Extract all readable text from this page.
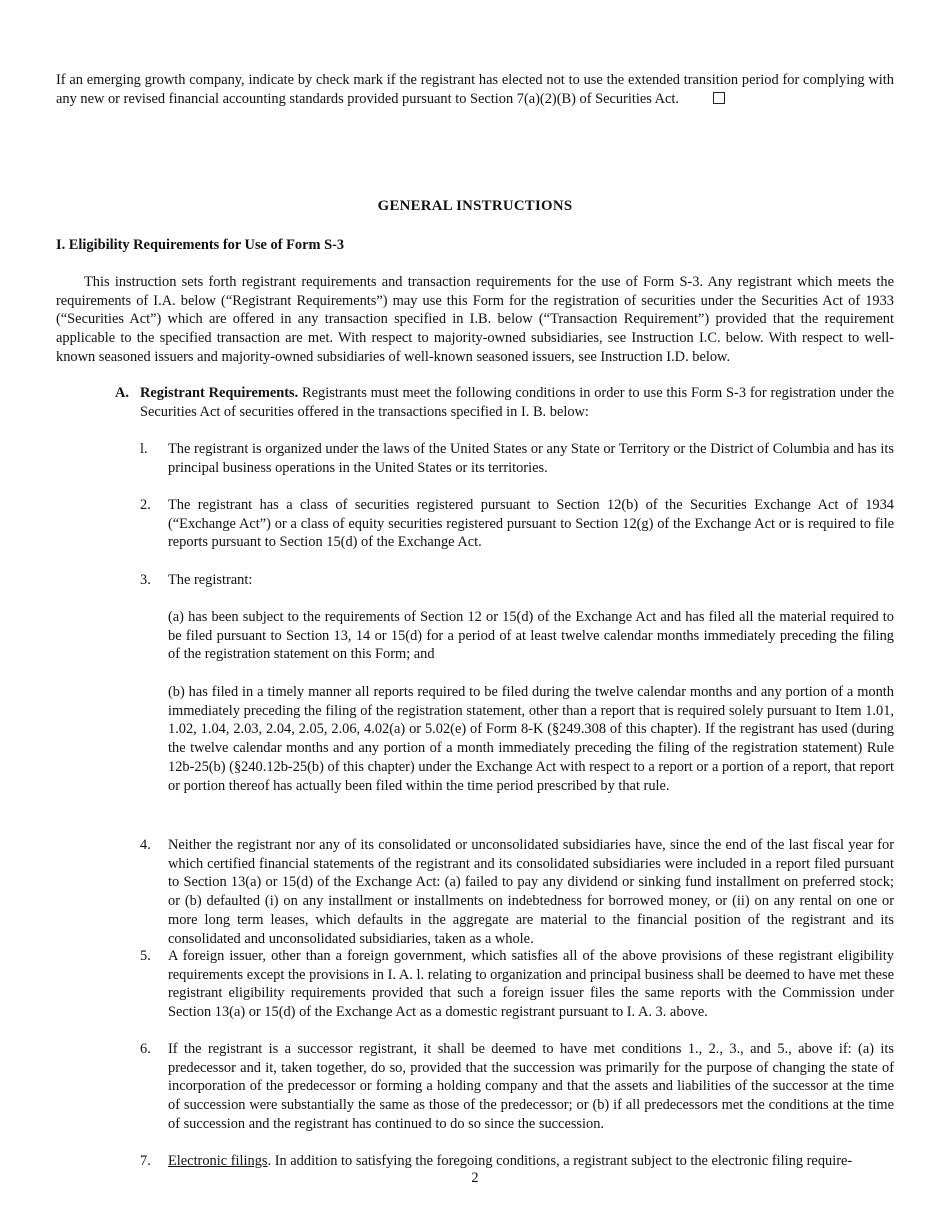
If an emerging growth company, indicate by check mark if the registrant has elected not to use the extended transition period for complying with any new or revised financial accounting standards provided pursuant to Section 7(a)(2)(B) of Securities Act.
GENERAL INSTRUCTIONS
I. Eligibility Requirements for Use of Form S-3
This instruction sets forth registrant requirements and transaction requirements for the use of Form S-3. Any registrant which meets the requirements of I.A. below (“Registrant Requirements”) may use this Form for the registration of securities under the Securities Act of 1933 (“Securities Act”) which are offered in any transaction specified in I.B. below (“Transaction Requirement”) provided that the requirement applicable to the specified transaction are met. With respect to majority-owned subsidiaries, see Instruction I.C. below. With respect to well-known seasoned issuers and majority-owned subsidiaries of well-known seasoned issuers, see Instruction I.D. below.
A. Registrant Requirements. Registrants must meet the following conditions in order to use this Form S-3 for registration under the Securities Act of securities offered in the transactions specified in I. B. below:
l. The registrant is organized under the laws of the United States or any State or Territory or the District of Columbia and has its principal business operations in the United States or its territories.
2. The registrant has a class of securities registered pursuant to Section 12(b) of the Securities Exchange Act of 1934 (“Exchange Act”) or a class of equity securities registered pursuant to Section 12(g) of the Exchange Act or is required to file reports pursuant to Section 15(d) of the Exchange Act.
3. The registrant:
(a) has been subject to the requirements of Section 12 or 15(d) of the Exchange Act and has filed all the material required to be filed pursuant to Section 13, 14 or 15(d) for a period of at least twelve calendar months immediately preceding the filing of the registration statement on this Form; and
(b) has filed in a timely manner all reports required to be filed during the twelve calendar months and any portion of a month immediately preceding the filing of the registration statement, other than a report that is required solely pursuant to Item 1.01, 1.02, 1.04, 2.03, 2.04, 2.05, 2.06, 4.02(a) or 5.02(e) of Form 8-K (§249.308 of this chapter). If the registrant has used (during the twelve calendar months and any portion of a month immediately preceding the filing of the registration statement) Rule 12b-25(b) (§240.12b-25(b) of this chapter) under the Exchange Act with respect to a report or a portion of a report, that report or portion thereof has actually been filed within the time period prescribed by that rule.
4. Neither the registrant nor any of its consolidated or unconsolidated subsidiaries have, since the end of the last fiscal year for which certified financial statements of the registrant and its consolidated subsidiaries were included in a report filed pursuant to Section 13(a) or 15(d) of the Exchange Act: (a) failed to pay any dividend or sinking fund installment on preferred stock; or (b) defaulted (i) on any installment or installments on indebtedness for borrowed money, or (ii) on any rental on one or more long term leases, which defaults in the aggregate are material to the financial position of the registrant and its consolidated and unconsolidated subsidiaries, taken as a whole.
5. A foreign issuer, other than a foreign government, which satisfies all of the above provisions of these registrant eligibility requirements except the provisions in I. A. l. relating to organization and principal business shall be deemed to have met these registrant eligibility requirements provided that such a foreign issuer files the same reports with the Commission under Section 13(a) or 15(d) of the Exchange Act as a domestic registrant pursuant to I. A. 3. above.
6. If the registrant is a successor registrant, it shall be deemed to have met conditions 1., 2., 3., and 5., above if: (a) its predecessor and it, taken together, do so, provided that the succession was primarily for the purpose of changing the state of incorporation of the predecessor or forming a holding company and that the assets and liabilities of the successor at the time of succession were substantially the same as those of the predecessor; or (b) if all predecessors met the conditions at the time of succession and the registrant has continued to do so since the succession.
7. Electronic filings. In addition to satisfying the foregoing conditions, a registrant subject to the electronic filing require-
2
